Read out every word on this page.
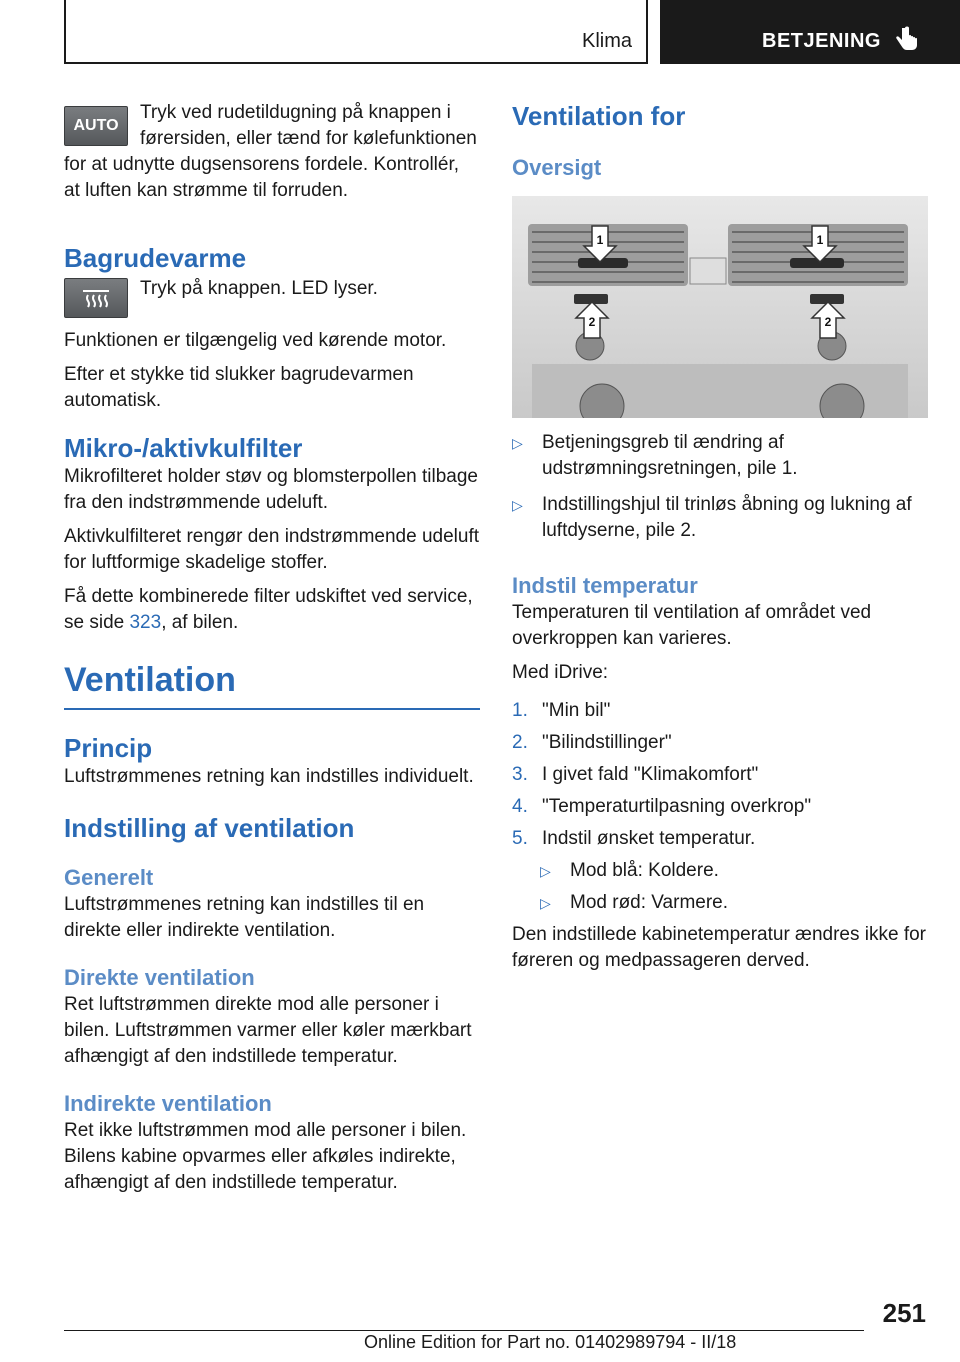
Klima	BETJENING
AUTO

Tryk ved rudetildugning på knappen i førersiden, eller tænd for kølefunktionen for at udnytte dugsensorens fordele. Kontrollér, at luften kan strømme til forruden.

Bagrudevarme

Tryk på knappen. LED lyser.

Funktionen er tilgængelig ved kørende motor.

Efter et stykke tid slukker bagrudevarmen automatisk.

Mikro-/aktivkulfilter

Mikrofilteret holder støv og blomsterpollen tilbage fra den indstrømmende udeluft.

Aktivkulfilteret rengør den indstrømmende udeluft for luftformige skadelige stoffer.

Få dette kombinerede filter udskiftet ved service, se side 323, af bilen.

Ventilation
Princip

Luftstrømmenes retning kan indstilles individuelt.

Indstilling af ventilation
Generelt

Luftstrømmenes retning kan indstilles til en direkte eller indirekte ventilation.

Direkte ventilation

Ret luftstrømmen direkte mod alle personer i bilen. Luftstrømmen varmer eller køler mærkbart afhængigt af den indstillede temperatur.

Indirekte ventilation

Ret ikke luftstrømmen mod alle personer i bilen. Bilens kabine opvarmes eller afkøles indirekte, afhængigt af den indstillede temperatur.

Ventilation for
Oversigt
1	1
2	2
▷ Betjeningsgreb til ændring af udstrømningsretningen, pile 1.
▷ Indstillingshjul til trinløs åbning og lukning af luftdyserne, pile 2.
Indstil temperatur

Temperaturen til ventilation af området ved overkroppen kan varieres.

Med iDrive:

1. "Min bil"
2. "Bilindstillinger"
3. I givet fald "Klimakomfort"
4. "Temperaturtilpasning overkrop"
5. Indstil ønsket temperatur.
▷ Mod blå: Koldere.
▷ Mod rød: Varmere.

Den indstillede kabinetemperatur ændres ikke for føreren og medpassageren derved.

251
Online Edition for Part no. 01402989794 - II/18
